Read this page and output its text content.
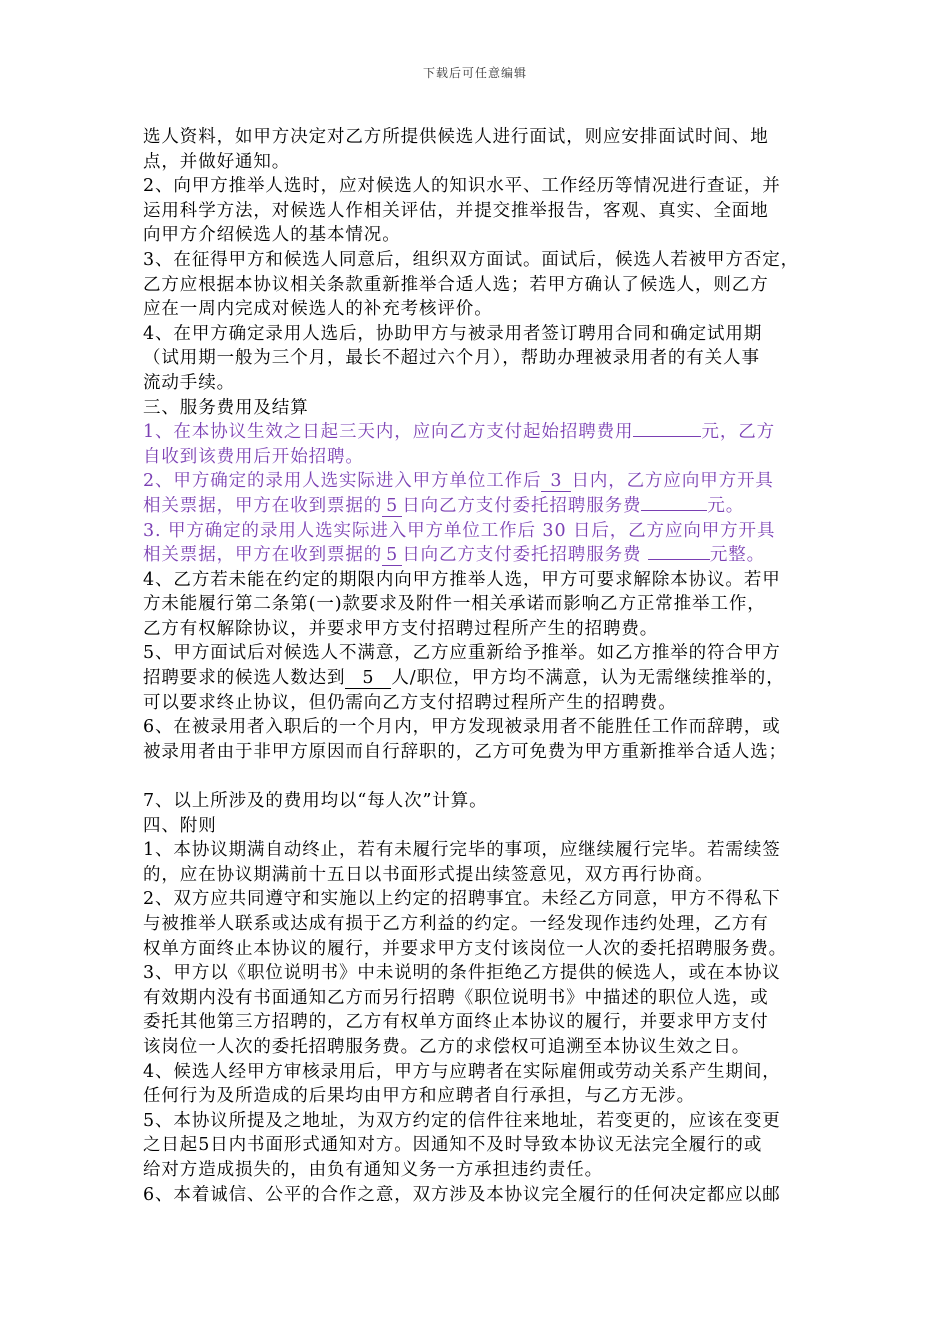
下载后可任意编辑
选人资料，如甲方决定对乙方所提供候选人进行面试，则应安排面试时间、地
点，并做好通知。
2、向甲方推举人选时，应对候选人的知识水平、工作经历等情况进行查证，并
运用科学方法，对候选人作相关评估，并提交推举报告，客观、真实、全面地
向甲方介绍候选人的基本情况。
3、在征得甲方和候选人同意后，组织双方面试。面试后，候选人若被甲方否定，
乙方应根据本协议相关条款重新推举合适人选；若甲方确认了候选人，则乙方
应在一周内完成对候选人的补充考核评价。
4、在甲方确定录用人选后，协助甲方与被录用者签订聘用合同和确定试用期
（试用期一般为三个月，最长不超过六个月），帮助办理被录用者的有关人事
流动手续。
三、服务费用及结算
1、在本协议生效之日起三天内，应向乙方支付起始招聘费用	元，乙方
自收到该费用后开始招聘。
2、甲方确定的录用人选实际进入甲方单位工作后 3 日内，乙方应向甲方开具
相关票据，甲方在收到票据的 5 日向乙方支付委托招聘服务费	元。
3. 甲方确定的录用人选实际进入甲方单位工作后 30 日后，乙方应向甲方开具
相关票据，甲方在收到票据的 5 日向乙方支付委托招聘服务费	元整。
4、乙方若未能在约定的期限内向甲方推举人选，甲方可要求解除本协议。若甲
方未能履行第二条第(一)款要求及附件一相关承诺而影响乙方正常推举工作，
乙方有权解除协议，并要求甲方支付招聘过程所产生的招聘费。
5、甲方面试后对候选人不满意，乙方应重新给予推举。如乙方推举的符合甲方
招聘要求的候选人数达到 5 人/职位，甲方均不满意，认为无需继续推举的，
可以要求终止协议，但仍需向乙方支付招聘过程所产生的招聘费。
6、在被录用者入职后的一个月内，甲方发现被录用者不能胜任工作而辞聘，或
被录用者由于非甲方原因而自行辞职的，乙方可免费为甲方重新推举合适人选；
7、以上所涉及的费用均以“每人次”计算。
四、附则
1、本协议期满自动终止，若有未履行完毕的事项，应继续履行完毕。若需续签
的，应在协议期满前十五日以书面形式提出续签意见，双方再行协商。
2、双方应共同遵守和实施以上约定的招聘事宜。未经乙方同意，甲方不得私下
与被推举人联系或达成有损于乙方利益的约定。一经发现作违约处理，乙方有
权单方面终止本协议的履行，并要求甲方支付该岗位一人次的委托招聘服务费。
3、甲方以《职位说明书》中未说明的条件拒绝乙方提供的候选人，或在本协议
有效期内没有书面通知乙方而另行招聘《职位说明书》中描述的职位人选，或
委托其他第三方招聘的，乙方有权单方面终止本协议的履行，并要求甲方支付
该岗位一人次的委托招聘服务费。乙方的求偿权可追溯至本协议生效之日。
4、候选人经甲方审核录用后，甲方与应聘者在实际雇佣或劳动关系产生期间，
任何行为及所造成的后果均由甲方和应聘者自行承担，与乙方无涉。
5、本协议所提及之地址，为双方约定的信件往来地址，若变更的，应该在变更
之日起5日内书面形式通知对方。因通知不及时导致本协议无法完全履行的或
给对方造成损失的，由负有通知义务一方承担违约责任。
6、本着诚信、公平的合作之意，双方涉及本协议完全履行的任何决定都应以邮
